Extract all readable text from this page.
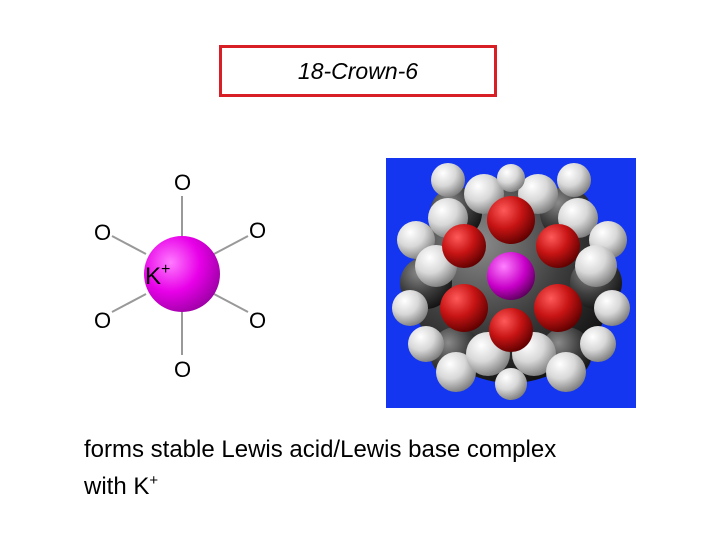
18-Crown-6
K+
O
O	O
O	O
O
forms stable Lewis acid/Lewis base complex
with K+
